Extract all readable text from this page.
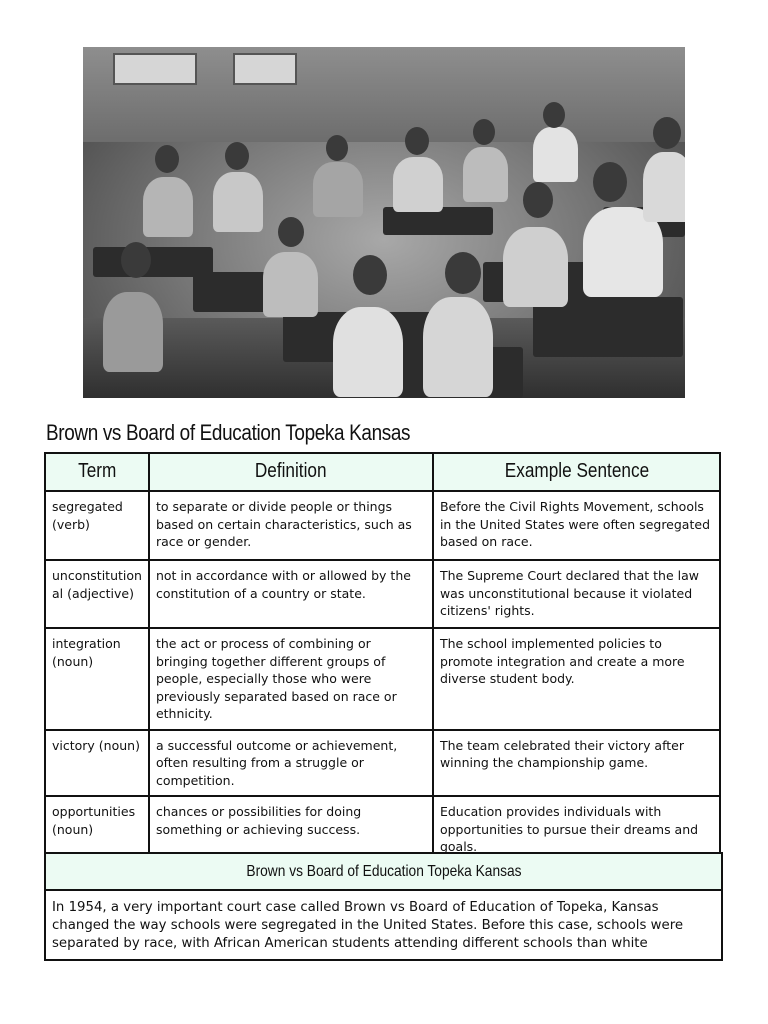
Brown vs Board of Education Topeka Kansas
Term	Definition	Example Sentence
segregated (verb)	to separate or divide people or things based on certain characteristics, such as race or gender.	Before the Civil Rights Movement, schools in the United States were often segregated based on race.
unconstitutional (adjective)	not in accordance with or allowed by the constitution of a country or state.	The Supreme Court declared that the law was unconstitutional because it violated citizens' rights.
integration (noun)	the act or process of combining or bringing together different groups of people, especially those who were previously separated based on race or ethnicity.	The school implemented policies to promote integration and create a more diverse student body.
victory (noun)	a successful outcome or achievement, often resulting from a struggle or competition.	The team celebrated their victory after winning the championship game.
opportunities (noun)	chances or possibilities for doing something or achieving success.	Education provides individuals with opportunities to pursue their dreams and goals.
Brown vs Board of Education Topeka Kansas
In 1954, a very important court case called Brown vs Board of Education of Topeka, Kansas changed the way schools were segregated in the United States. Before this case, schools were separated by race, with African American students attending different schools than white
